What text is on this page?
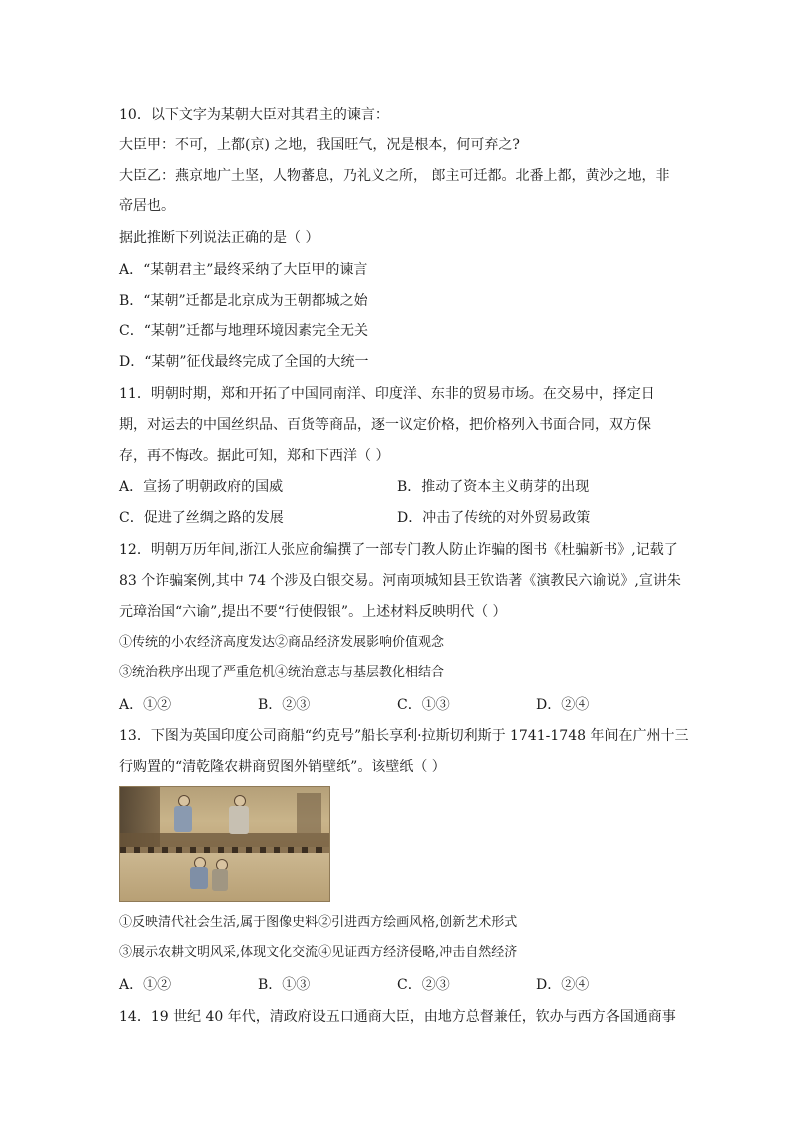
10．以下文字为某朝大臣对其君主的谏言：
大臣甲：不可，上都(京) 之地，我国旺气，况是根本，何可弃之?
大臣乙：燕京地广土坚，人物蕃息，乃礼义之所， 郎主可迁都。北番上都，黄沙之地，非
帝居也。
据此推断下列说法正确的是（ ）
A．“某朝君主”最终采纳了大臣甲的谏言
B．“某朝”迁都是北京成为王朝都城之始
C．“某朝”迁都与地理环境因素完全无关
D．“某朝”征伐最终完成了全国的大统一
11．明朝时期，郑和开拓了中国同南洋、印度洋、东非的贸易市场。在交易中，择定日
期，对运去的中国丝织品、百货等商品，逐一议定价格，把价格列入书面合同，双方保
存，再不悔改。据此可知，郑和下西洋（ ）
A．宣扬了明朝政府的国威	B．推动了资本主义萌芽的出现
C．促进了丝绸之路的发展	D．冲击了传统的对外贸易政策
12．明朝万历年间,浙江人张应俞编撰了一部专门教人防止诈骗的图书《杜骗新书》,记载了
83 个诈骗案例,其中 74 个涉及白银交易。河南项城知县王钦诰著《演教民六谕说》,宣讲朱
元璋治国“六谕”,提出不要“行使假银”。上述材料反映明代（ ）
①传统的小农经济高度发达②商品经济发展影响价值观念
③统治秩序出现了严重危机④统治意志与基层教化相结合
A．①②	B．②③	C．①③	D．②④
13．下图为英国印度公司商船“约克号”船长享利·拉斯切利斯于 1741-1748 年间在广州十三
行购置的“清乾隆农耕商贸图外销壁纸”。该壁纸（ ）
①反映清代社会生活,属于图像史料②引进西方绘画风格,创新艺术形式
③展示农耕文明风采,体现文化交流④见证西方经济侵略,冲击自然经济
A．①②	B．①③	C．②③	D．②④
14．19 世纪 40 年代，清政府设五口通商大臣，由地方总督兼任，钦办与西方各国通商事
